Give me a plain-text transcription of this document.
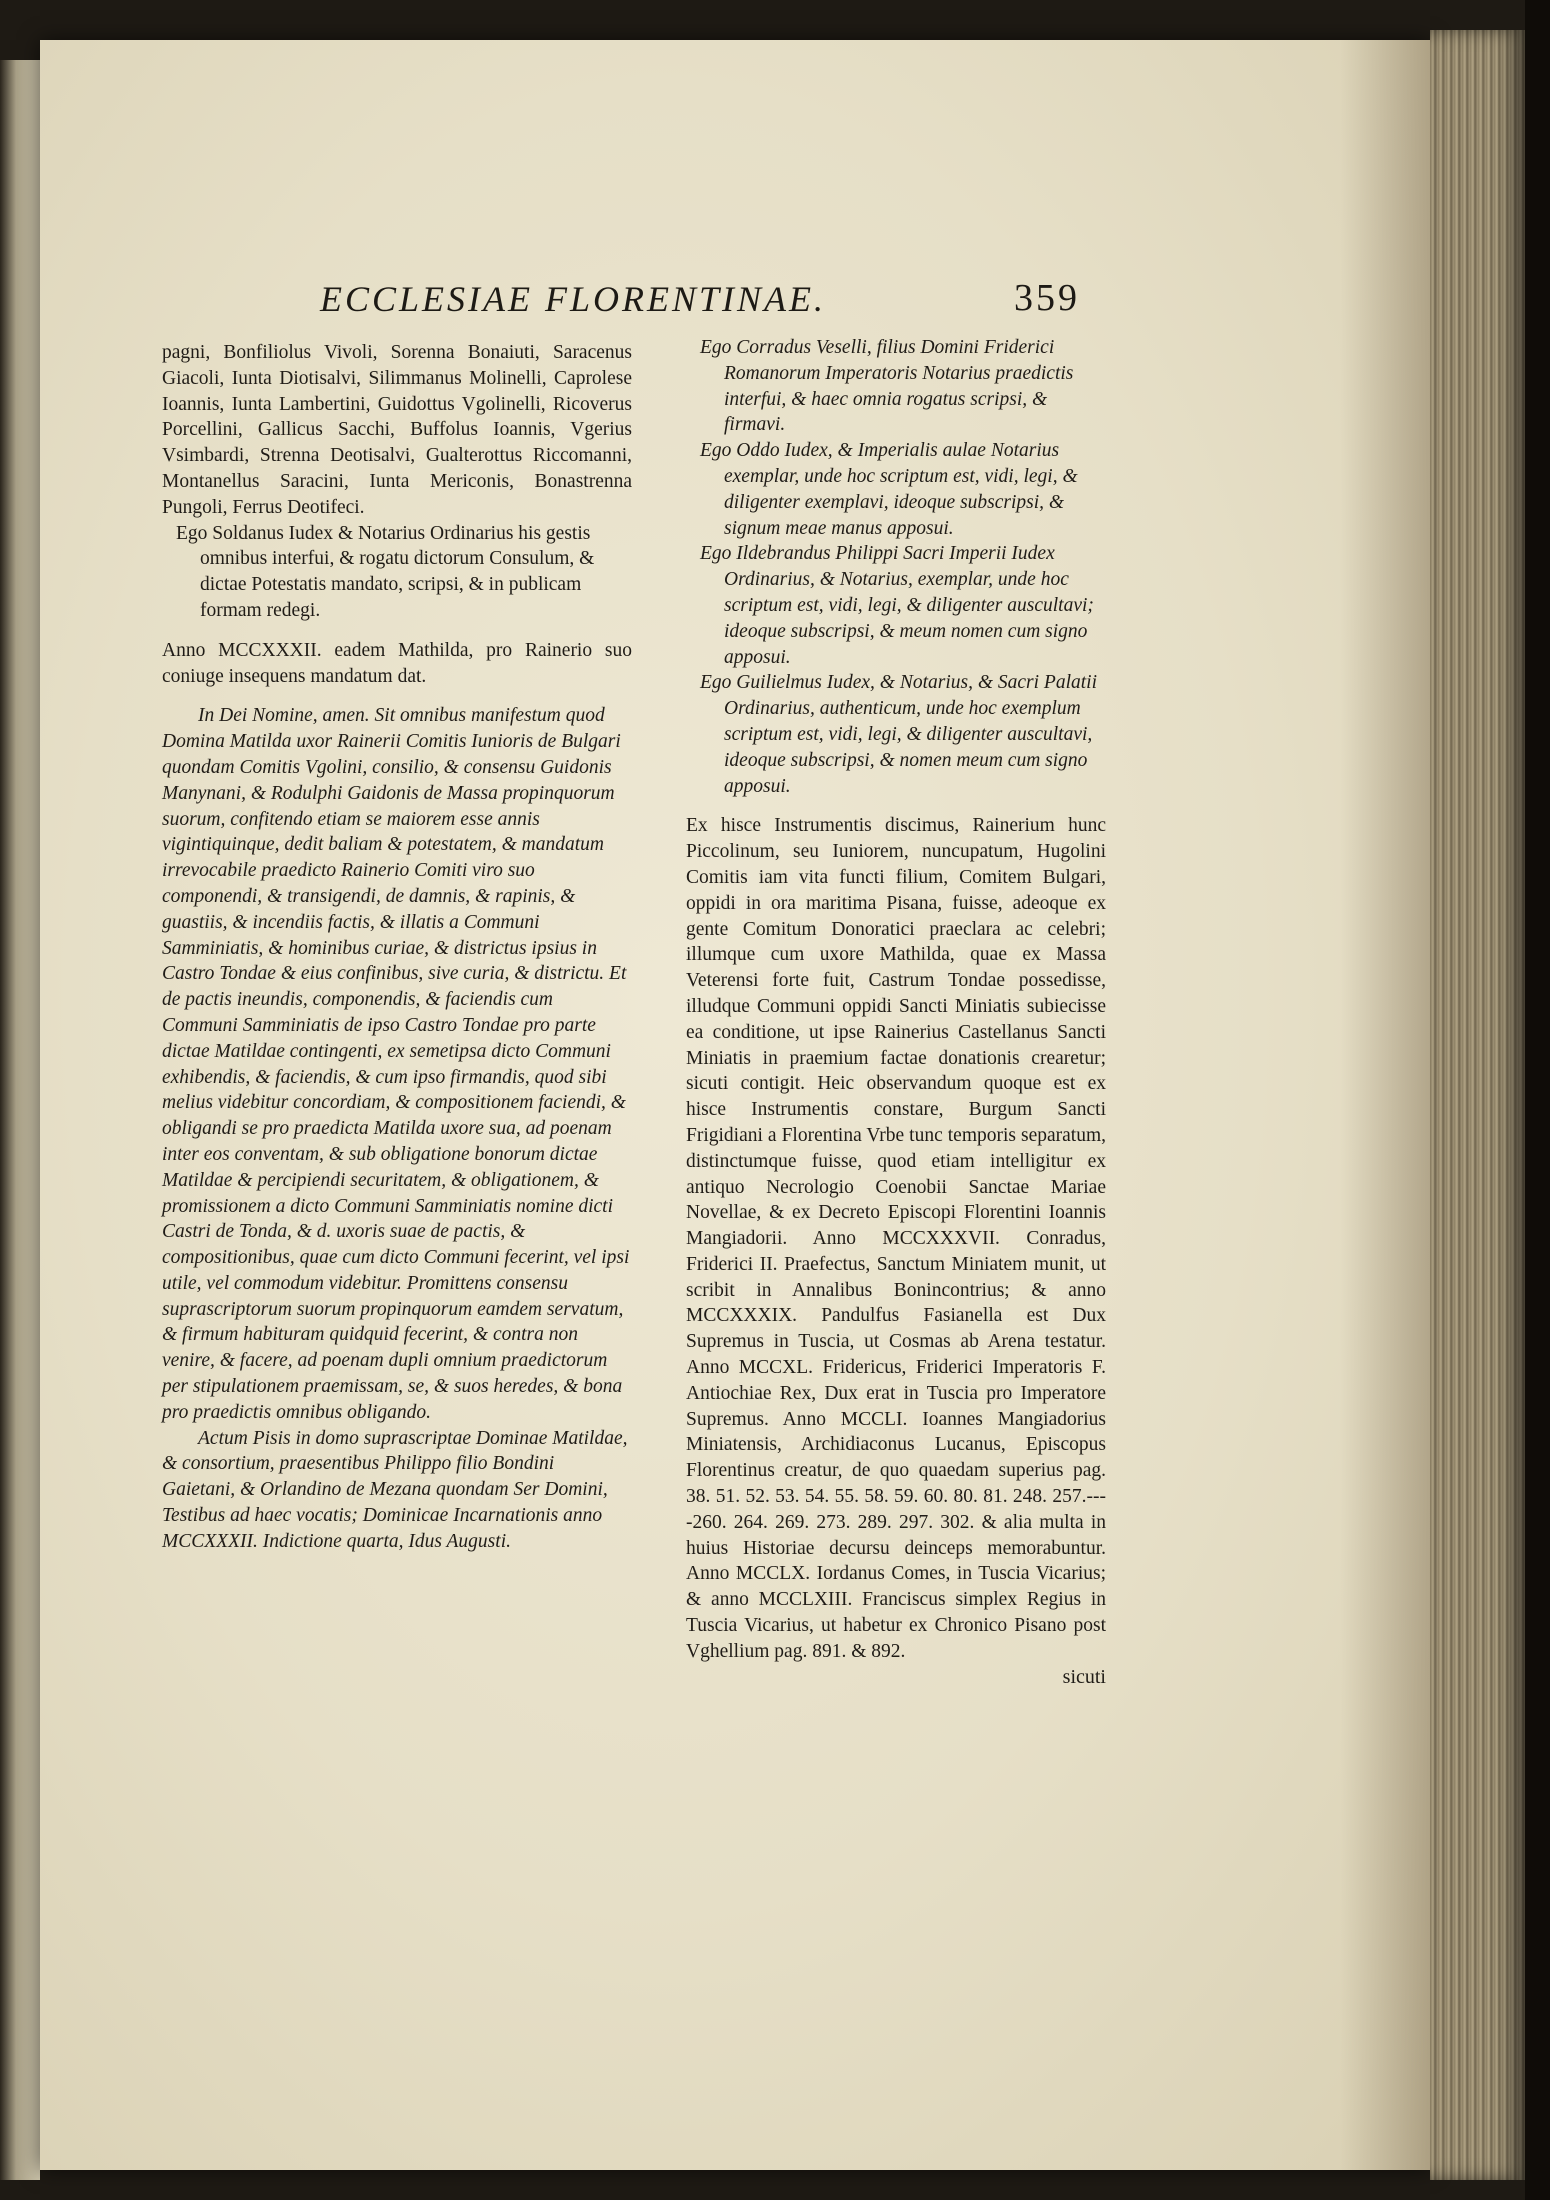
ECCLESIAE FLORENTINAE.	359

pagni, Bonfiliolus Vivoli, Sorenna Bonaiuti, Saracenus Giacoli, Iunta Diotisalvi, Silimmanus Molinelli, Caprolese Ioannis, Iunta Lambertini, Guidottus Vgolinelli, Ricoverus Porcellini, Gallicus Sacchi, Buffolus Ioannis, Vgerius Vsimbardi, Strenna Deotisalvi, Gualterottus Riccomanni, Montanellus Saracini, Iunta Mericonis, Bonastrenna Pungoli, Ferrus Deotifeci.

Ego Soldanus Iudex & Notarius Ordinarius his gestis omnibus interfui, & rogatu dictorum Consulum, & dictae Potestatis mandato, scripsi, & in publicam formam redegi.

Anno MCCXXXII. eadem Mathilda, pro Rainerio suo coniuge insequens mandatum dat.

In Dei Nomine, amen. Sit omnibus manifestum quod Domina Matilda uxor Rainerii Comitis Iunioris de Bulgari quondam Comitis Vgolini, consilio, & consensu Guidonis Manynani, & Rodulphi Gaidonis de Massa propinquorum suorum, confitendo etiam se maiorem esse annis vigintiquinque, dedit baliam & potestatem, & mandatum irrevocabile praedicto Rainerio Comiti viro suo componendi, & transigendi, de damnis, & rapinis, & guastiis, & incendiis factis, & illatis a Communi Samminiatis, & hominibus curiae, & districtus ipsius in Castro Tondae & eius confinibus, sive curia, & districtu. Et de pactis ineundis, componendis, & faciendis cum Communi Samminiatis de ipso Castro Tondae pro parte dictae Matildae contingenti, ex semetipsa dicto Communi exhibendis, & faciendis, & cum ipso firmandis, quod sibi melius videbitur concordiam, & compositionem faciendi, & obligandi se pro praedicta Matilda uxore sua, ad poenam inter eos conventam, & sub obligatione bonorum dictae Matildae & percipiendi securitatem, & obligationem, & promissionem a dicto Communi Samminiatis nomine dicti Castri de Tonda, & d. uxoris suae de pactis, & compositionibus, quae cum dicto Communi fecerint, vel ipsi utile, vel commodum videbitur. Promittens consensu suprascriptorum suorum propinquorum eamdem servatum, & firmum habituram quidquid fecerint, & contra non venire, & facere, ad poenam dupli omnium praedictorum per stipulationem praemissam, se, & suos heredes, & bona pro praedictis omnibus obligando.

Actum Pisis in domo suprascriptae Dominae Matildae, & consortium, praesentibus Philippo filio Bondini Gaietani, & Orlandino de Mezana quondam Ser Domini, Testibus ad haec vocatis; Dominicae Incarnationis anno MCCXXXII. Indictione quarta, Idus Augusti.

Ego Corradus Veselli, filius Domini Friderici Romanorum Imperatoris Notarius praedictis interfui, & haec omnia rogatus scripsi, & firmavi.

Ego Oddo Iudex, & Imperialis aulae Notarius exemplar, unde hoc scriptum est, vidi, legi, & diligenter exemplavi, ideoque subscripsi, & signum meae manus apposui.

Ego Ildebrandus Philippi Sacri Imperii Iudex Ordinarius, & Notarius, exemplar, unde hoc scriptum est, vidi, legi, & diligenter auscultavi; ideoque subscripsi, & meum nomen cum signo apposui.

Ego Guilielmus Iudex, & Notarius, & Sacri Palatii Ordinarius, authenticum, unde hoc exemplum scriptum est, vidi, legi, & diligenter auscultavi, ideoque subscripsi, & nomen meum cum signo apposui.

Ex hisce Instrumentis discimus, Rainerium hunc Piccolinum, seu Iuniorem, nuncupatum, Hugolini Comitis iam vita functi filium, Comitem Bulgari, oppidi in ora maritima Pisana, fuisse, adeoque ex gente Comitum Donoratici praeclara ac celebri; illumque cum uxore Mathilda, quae ex Massa Veterensi forte fuit, Castrum Tondae possedisse, illudque Communi oppidi Sancti Miniatis subiecisse ea conditione, ut ipse Rainerius Castellanus Sancti Miniatis in praemium factae donationis crearetur; sicuti contigit. Heic observandum quoque est ex hisce Instrumentis constare, Burgum Sancti Frigidiani a Florentina Vrbe tunc temporis separatum, distinctumque fuisse, quod etiam intelligitur ex antiquo Necrologio Coenobii Sanctae Mariae Novellae, & ex Decreto Episcopi Florentini Ioannis Mangiadorii. Anno MCCXXXVII. Conradus, Friderici II. Praefectus, Sanctum Miniatem munit, ut scribit in Annalibus Bonincontrius; & anno MCCXXXIX. Pandulfus Fasianella est Dux Supremus in Tuscia, ut Cosmas ab Arena testatur. Anno MCCXL. Fridericus, Friderici Imperatoris F. Antiochiae Rex, Dux erat in Tuscia pro Imperatore Supremus. Anno MCCLI. Ioannes Mangiadorius Miniatensis, Archidiaconus Lucanus, Episcopus Florentinus creatur, de quo quaedam superius pag. 38. 51. 52. 53. 54. 55. 58. 59. 60. 80. 81. 248. 257.----260. 264. 269. 273. 289. 297. 302. & alia multa in huius Historiae decursu deinceps memorabuntur. Anno MCCLX. Iordanus Comes, in Tuscia Vicarius; & anno MCCLXIII. Franciscus simplex Regius in Tuscia Vicarius, ut habetur ex Chronico Pisano post Vghellium pag. 891. & 892.

sicuti
